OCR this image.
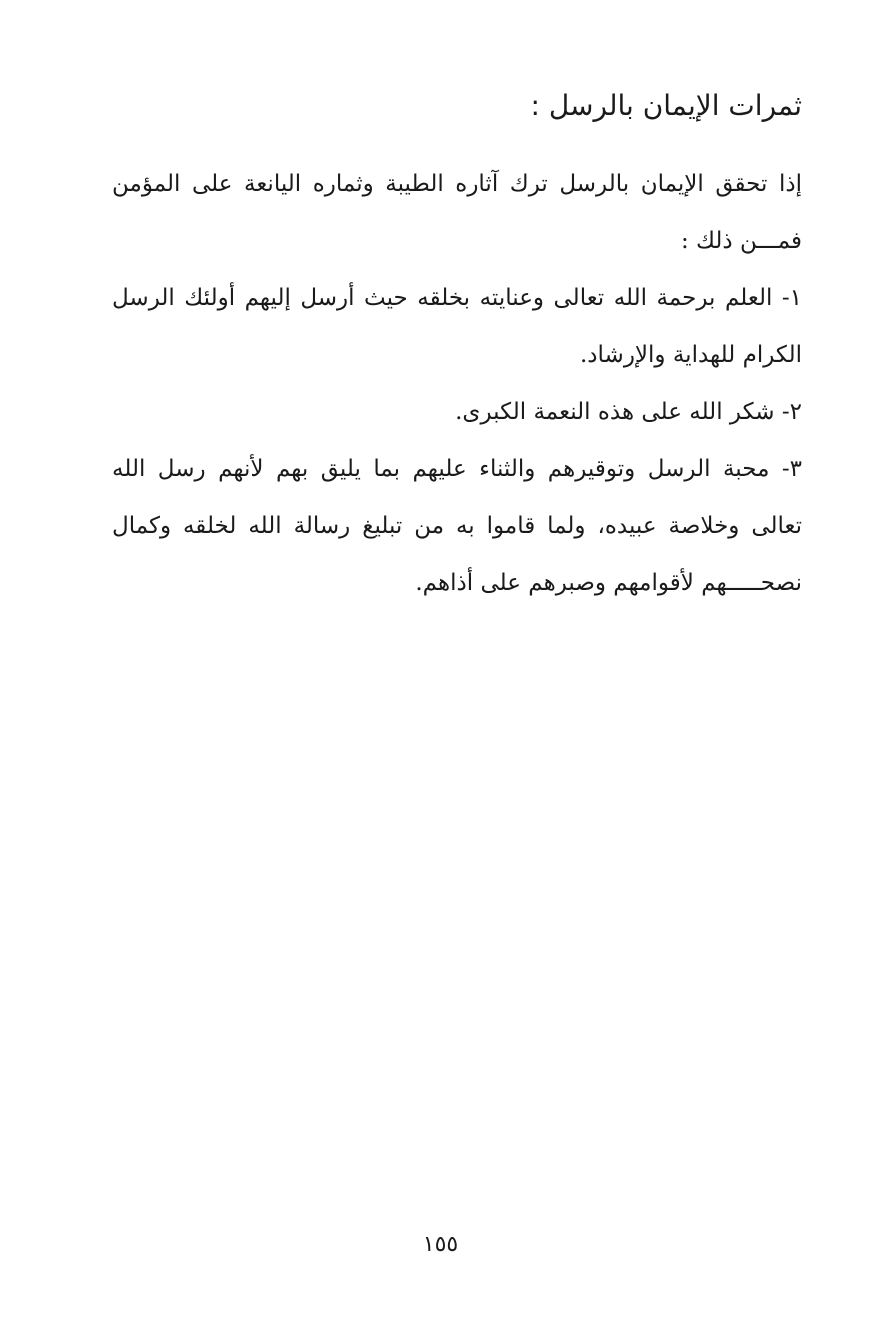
ثمرات الإيمان بالرسل :

إذا تحقق الإيمان بالرسل ترك آثاره الطيبة وثماره اليانعة على المؤمن فمـــن ذلك :

١- العلم برحمة الله تعالى وعنايته بخلقه حيث أرسل إليهم أولئك الرسل الكرام للهداية والإرشاد.

٢- شكر الله على هذه النعمة الكبرى.

٣- محبة الرسل وتوقيرهم والثناء عليهم بما يليق بهم لأنهم رسل الله تعالى وخلاصة عبيده، ولما قاموا به من تبليغ رسالة الله لخلقه وكمال نصحـــــهم لأقوامهم وصبرهم على أذاهم.

١٥٥
